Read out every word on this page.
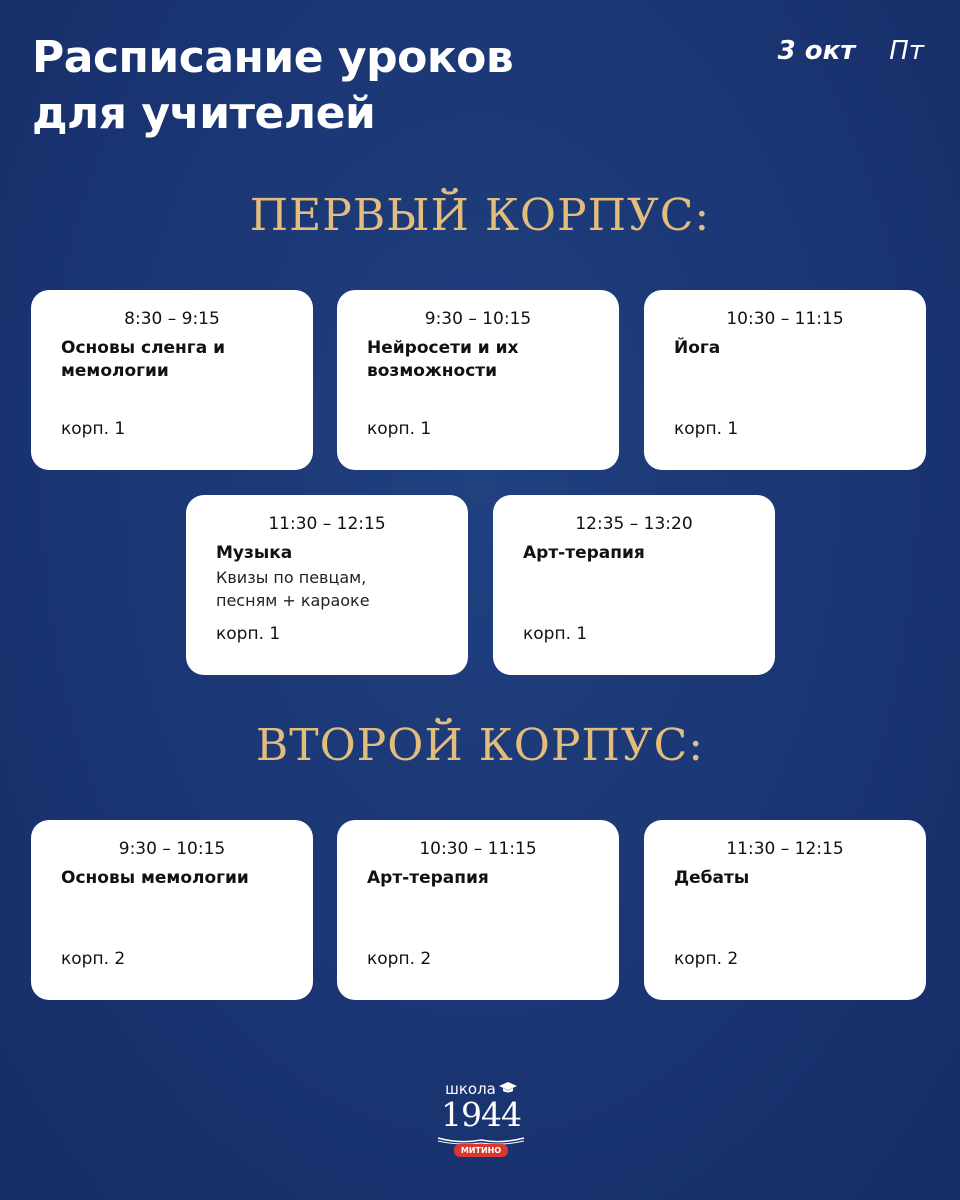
Расписание уроков
для учителей
3 окт Пт
ПЕРВЫЙ КОРПУС:
8:30 – 9:15
Основы сленга и мемологии
корп. 1
9:30 – 10:15
Нейросети и их возможности
корп. 1
10:30 – 11:15
Йога
корп. 1
11:30 – 12:15
Музыка
Квизы по певцам, песням + караоке
корп. 1
12:35 – 13:20
Арт-терапия
корп. 1
ВТОРОЙ КОРПУС:
9:30 – 10:15
Основы мемологии
корп. 2
10:30 – 11:15
Арт-терапия
корп. 2
11:30 – 12:15
Дебаты
корп. 2
школа
1944
МИТИНО
